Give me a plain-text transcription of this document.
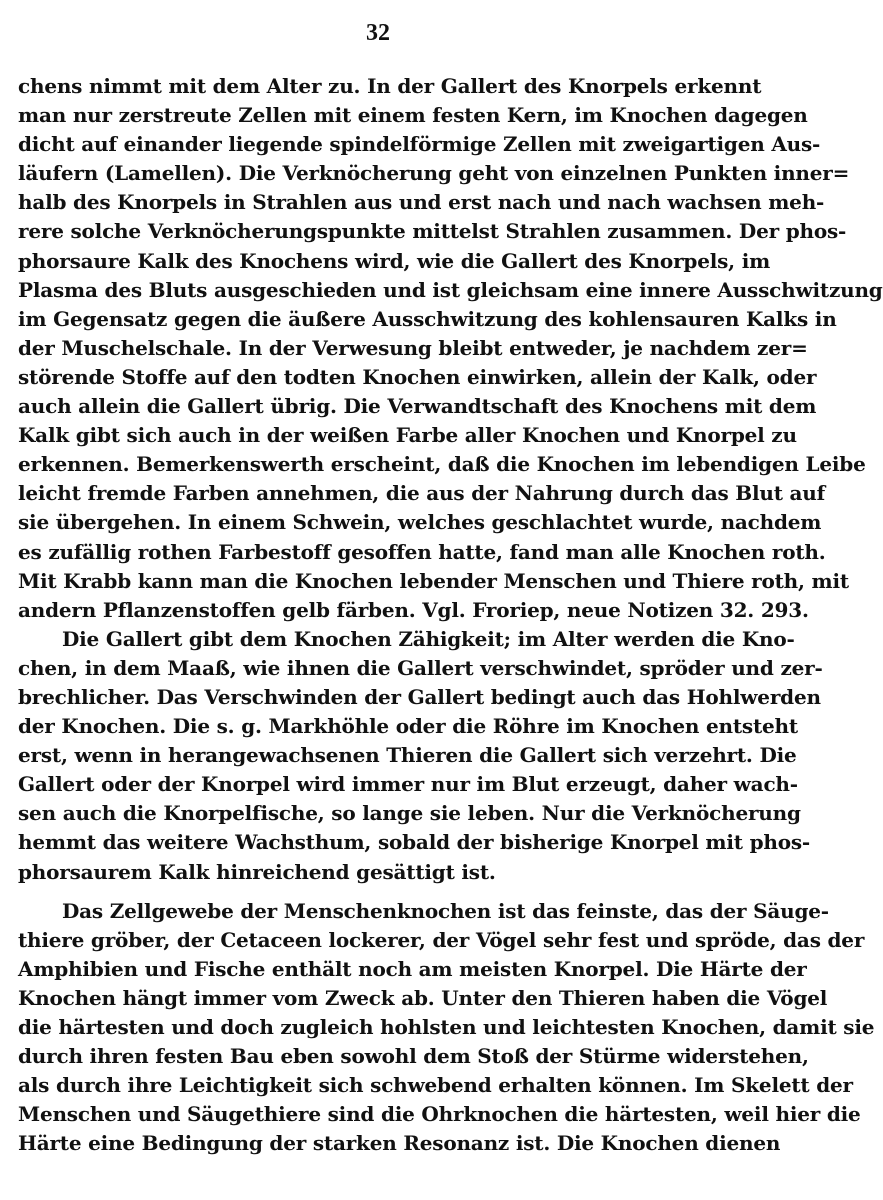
32
chens nimmt mit dem Alter zu. In der Gallert des Knorpels erkennt
man nur zerstreute Zellen mit einem festen Kern, im Knochen dagegen
dicht auf einander liegende spindelförmige Zellen mit zweigartigen Aus-
läufern (Lamellen). Die Verknöcherung geht von einzelnen Punkten inner=
halb des Knorpels in Strahlen aus und erst nach und nach wachsen meh-
rere solche Verknöcherungspunkte mittelst Strahlen zusammen. Der phos-
phorsaure Kalk des Knochens wird, wie die Gallert des Knorpels, im
Plasma des Bluts ausgeschieden und ist gleichsam eine innere Ausschwitzung
im Gegensatz gegen die äußere Ausschwitzung des kohlensauren Kalks in
der Muschelschale. In der Verwesung bleibt entweder, je nachdem zer=
störende Stoffe auf den todten Knochen einwirken, allein der Kalk, oder
auch allein die Gallert übrig. Die Verwandtschaft des Knochens mit dem
Kalk gibt sich auch in der weißen Farbe aller Knochen und Knorpel zu
erkennen. Bemerkenswerth erscheint, daß die Knochen im lebendigen Leibe
leicht fremde Farben annehmen, die aus der Nahrung durch das Blut auf
sie übergehen. In einem Schwein, welches geschlachtet wurde, nachdem
es zufällig rothen Farbestoff gesoffen hatte, fand man alle Knochen roth.
Mit Krabb kann man die Knochen lebender Menschen und Thiere roth, mit
andern Pflanzenstoffen gelb färben. Vgl. Froriep, neue Notizen 32. 293.
Die Gallert gibt dem Knochen Zähigkeit; im Alter werden die Kno-
chen, in dem Maaß, wie ihnen die Gallert verschwindet, spröder und zer-
brechlicher. Das Verschwinden der Gallert bedingt auch das Hohlwerden
der Knochen. Die s. g. Markhöhle oder die Röhre im Knochen entsteht
erst, wenn in herangewachsenen Thieren die Gallert sich verzehrt. Die
Gallert oder der Knorpel wird immer nur im Blut erzeugt, daher wach-
sen auch die Knorpelfische, so lange sie leben. Nur die Verknöcherung
hemmt das weitere Wachsthum, sobald der bisherige Knorpel mit phos-
phorsaurem Kalk hinreichend gesättigt ist.
Das Zellgewebe der Menschenknochen ist das feinste, das der Säuge-
thiere gröber, der Cetaceen lockerer, der Vögel sehr fest und spröde, das der
Amphibien und Fische enthält noch am meisten Knorpel. Die Härte der
Knochen hängt immer vom Zweck ab. Unter den Thieren haben die Vögel
die härtesten und doch zugleich hohlsten und leichtesten Knochen, damit sie
durch ihren festen Bau eben sowohl dem Stoß der Stürme widerstehen,
als durch ihre Leichtigkeit sich schwebend erhalten können. Im Skelett der
Menschen und Säugethiere sind die Ohrknochen die härtesten, weil hier die
Härte eine Bedingung der starken Resonanz ist. Die Knochen dienen
